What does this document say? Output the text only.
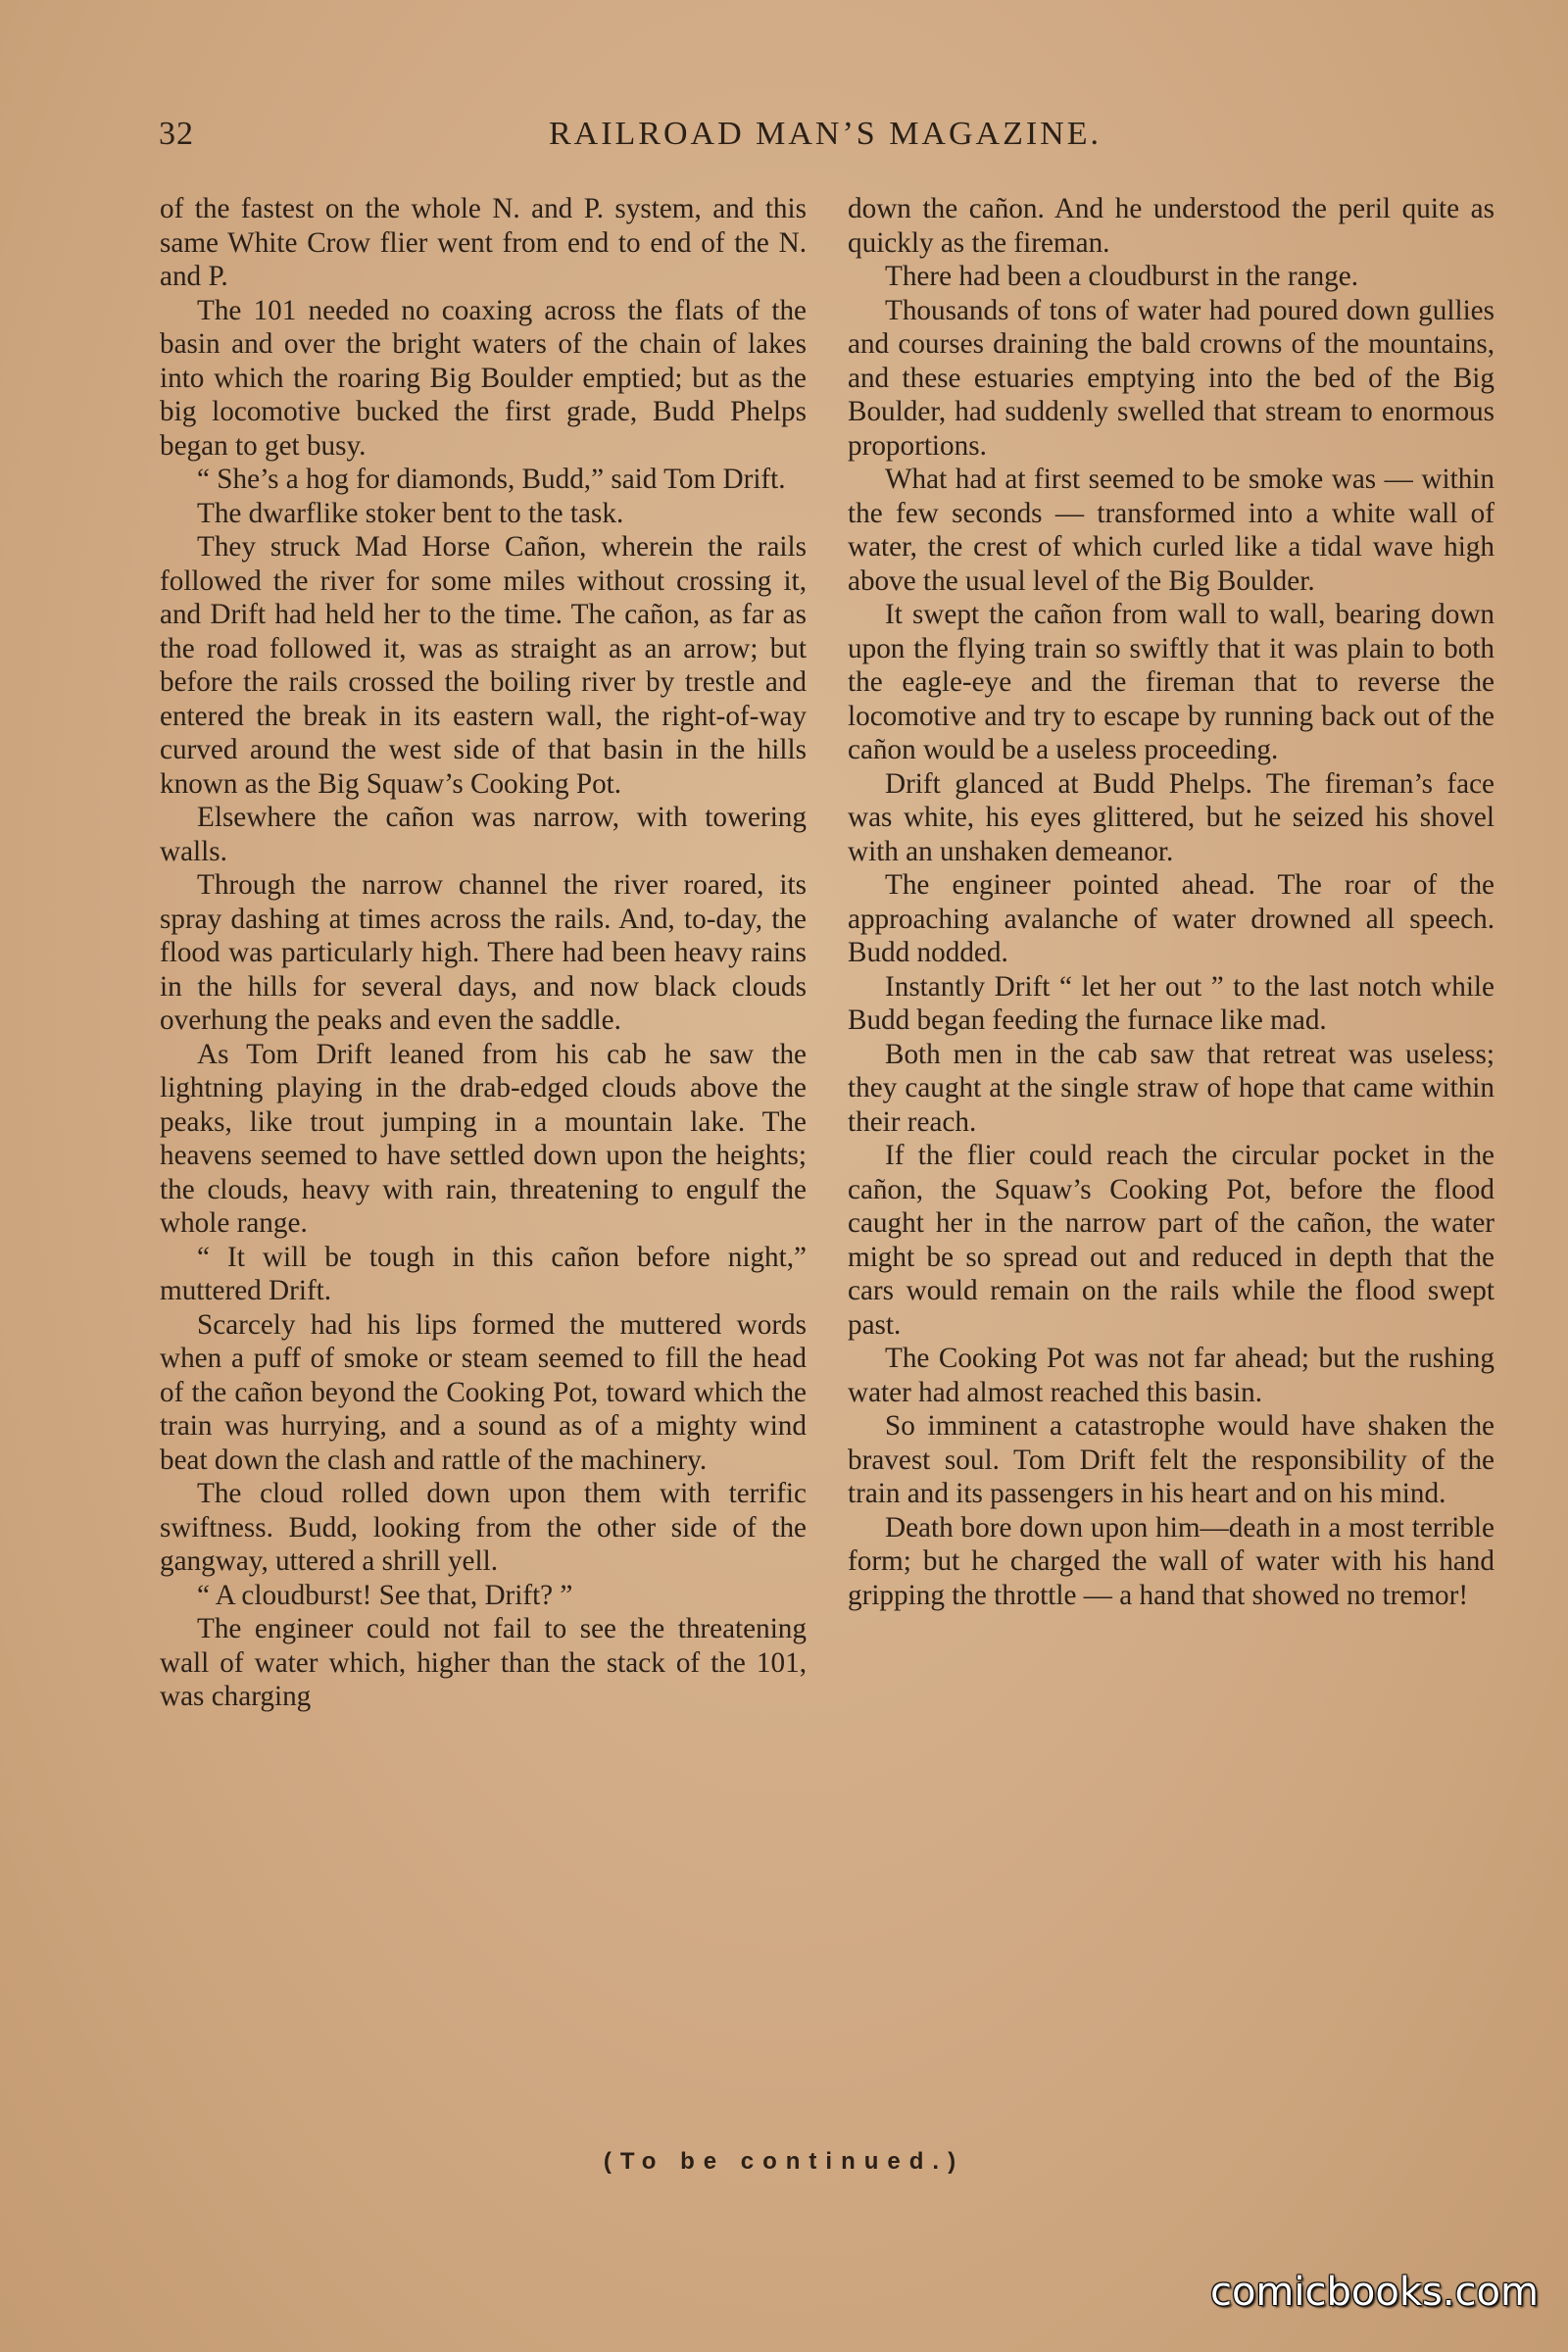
32	RAILROAD MAN’S MAGAZINE.

of the fastest on the whole N. and P. system, and this same White Crow flier went from end to end of the N. and P.

The 101 needed no coaxing across the flats of the basin and over the bright waters of the chain of lakes into which the roaring Big Boulder emptied; but as the big locomotive bucked the first grade, Budd Phelps began to get busy.

“ She’s a hog for diamonds, Budd,” said Tom Drift.

The dwarflike stoker bent to the task.

They struck Mad Horse Cañon, wherein the rails followed the river for some miles without crossing it, and Drift had held her to the time. The cañon, as far as the road followed it, was as straight as an arrow; but before the rails crossed the boiling river by trestle and entered the break in its eastern wall, the right-of-way curved around the west side of that basin in the hills known as the Big Squaw’s Cooking Pot.

Elsewhere the cañon was narrow, with towering walls.

Through the narrow channel the river roared, its spray dashing at times across the rails. And, to-day, the flood was particularly high. There had been heavy rains in the hills for several days, and now black clouds overhung the peaks and even the saddle.

As Tom Drift leaned from his cab he saw the lightning playing in the drab-edged clouds above the peaks, like trout jumping in a mountain lake. The heavens seemed to have settled down upon the heights; the clouds, heavy with rain, threatening to engulf the whole range.

“ It will be tough in this cañon before night,” muttered Drift.

Scarcely had his lips formed the muttered words when a puff of smoke or steam seemed to fill the head of the cañon beyond the Cooking Pot, toward which the train was hurrying, and a sound as of a mighty wind beat down the clash and rattle of the machinery.

The cloud rolled down upon them with terrific swiftness. Budd, looking from the other side of the gangway, uttered a shrill yell.

“ A cloudburst! See that, Drift? ”

The engineer could not fail to see the threatening wall of water which, higher than the stack of the 101, was charging

down the cañon. And he understood the peril quite as quickly as the fireman.

There had been a cloudburst in the range.

Thousands of tons of water had poured down gullies and courses draining the bald crowns of the mountains, and these estuaries emptying into the bed of the Big Boulder, had suddenly swelled that stream to enormous proportions.

What had at first seemed to be smoke was — within the few seconds — transformed into a white wall of water, the crest of which curled like a tidal wave high above the usual level of the Big Boulder.

It swept the cañon from wall to wall, bearing down upon the flying train so swiftly that it was plain to both the eagle-eye and the fireman that to reverse the locomotive and try to escape by running back out of the cañon would be a useless proceeding.

Drift glanced at Budd Phelps. The fireman’s face was white, his eyes glittered, but he seized his shovel with an unshaken demeanor.

The engineer pointed ahead. The roar of the approaching avalanche of water drowned all speech. Budd nodded.

Instantly Drift “ let her out ” to the last notch while Budd began feeding the furnace like mad.

Both men in the cab saw that retreat was useless; they caught at the single straw of hope that came within their reach.

If the flier could reach the circular pocket in the cañon, the Squaw’s Cooking Pot, before the flood caught her in the narrow part of the cañon, the water might be so spread out and reduced in depth that the cars would remain on the rails while the flood swept past.

The Cooking Pot was not far ahead; but the rushing water had almost reached this basin.

So imminent a catastrophe would have shaken the bravest soul. Tom Drift felt the responsibility of the train and its passengers in his heart and on his mind.

Death bore down upon him—death in a most terrible form; but he charged the wall of water with his hand gripping the throttle — a hand that showed no tremor!

(To be continued.)
comicbooks.com
